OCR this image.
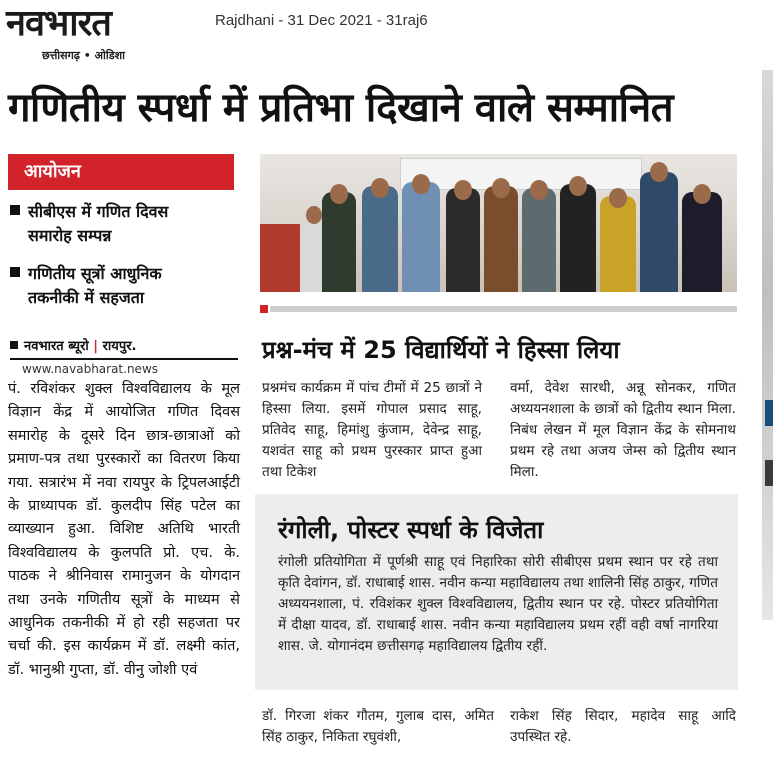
नवभारत
छत्तीसगढ़ • ओडिशा
Rajdhani - 31 Dec 2021 - 31raj6
गणितीय स्पर्धा में प्रतिभा दिखाने वाले सम्मानित
आयोजन
सीबीएस में गणित दिवस
समारोह सम्पन्न
गणितीय सूत्रों आधुनिक
तकनीकी में सहजता
नवभारत ब्यूरो | रायपुर.
www.navabharat.news
पं. रविशंकर शुक्ल विश्वविद्यालय के मूल विज्ञान केंद्र में आयोजित गणित दिवस समारोह के दूसरे दिन छात्र-छात्राओं को प्रमाण-पत्र तथा पुरस्कारों का वितरण किया गया. सत्रारंभ में नवा रायपुर के ट्रिपलआईटी के प्राध्यापक डॉ. कुलदीप सिंह पटेल का व्याख्यान हुआ. विशिष्ट अतिथि भारती विश्वविद्यालय के कुलपति प्रो. एच. के. पाठक ने श्रीनिवास रामानुजन के योगदान तथा उनके गणितीय सूत्रों के माध्यम से आधुनिक तकनीकी में हो रही सहजता पर चर्चा की. इस कार्यक्रम में डॉ. लक्ष्मी कांत, डॉ. भानुश्री गुप्ता, डॉ. वीनु जोशी एवं
प्रश्न-मंच में 25 विद्यार्थियों ने हिस्सा लिया
प्रश्नमंच कार्यक्रम में पांच टीमों में 25 छात्रों ने हिस्सा लिया. इसमें गोपाल प्रसाद साहू, प्रतिवेद साहू, हिमांशु कुंजाम, देवेन्द्र साहू, यशवंत साहू को प्रथम पुरस्कार प्राप्त हुआ तथा टिकेश
वर्मा, देवेश सारथी, अन्नू सोनकर, गणित अध्ययनशाला के छात्रों को द्वितीय स्थान मिला. निबंध लेखन में मूल विज्ञान केंद्र के सोमनाथ प्रथम रहे तथा अजय जेम्स को द्वितीय स्थान मिला.
रंगोली, पोस्टर स्पर्धा के विजेता
रंगोली प्रतियोगिता में पूर्णश्री साहू एवं निहारिका सोरी सीबीएस प्रथम स्थान पर रहे तथा कृति देवांगन, डॉ. राधाबाई शास. नवीन कन्या महाविद्यालय तथा शालिनी सिंह ठाकुर, गणित अध्ययनशाला, पं. रविशंकर शुक्ल विश्वविद्यालय, द्वितीय स्थान पर रहे. पोस्टर प्रतियोगिता में दीक्षा यादव, डॉ. राधाबाई शास. नवीन कन्या महाविद्यालय प्रथम रहीं वही वर्षा नागरिया शास. जे. योगानंदम छत्तीसगढ़ महाविद्यालय द्वितीय रहीं.
डॉ. गिरजा शंकर गौतम, गुलाब दास, अमित सिंह ठाकुर, निकिता रघुवंशी,
राकेश सिंह सिदार, महादेव साहू आदि उपस्थित रहे.
